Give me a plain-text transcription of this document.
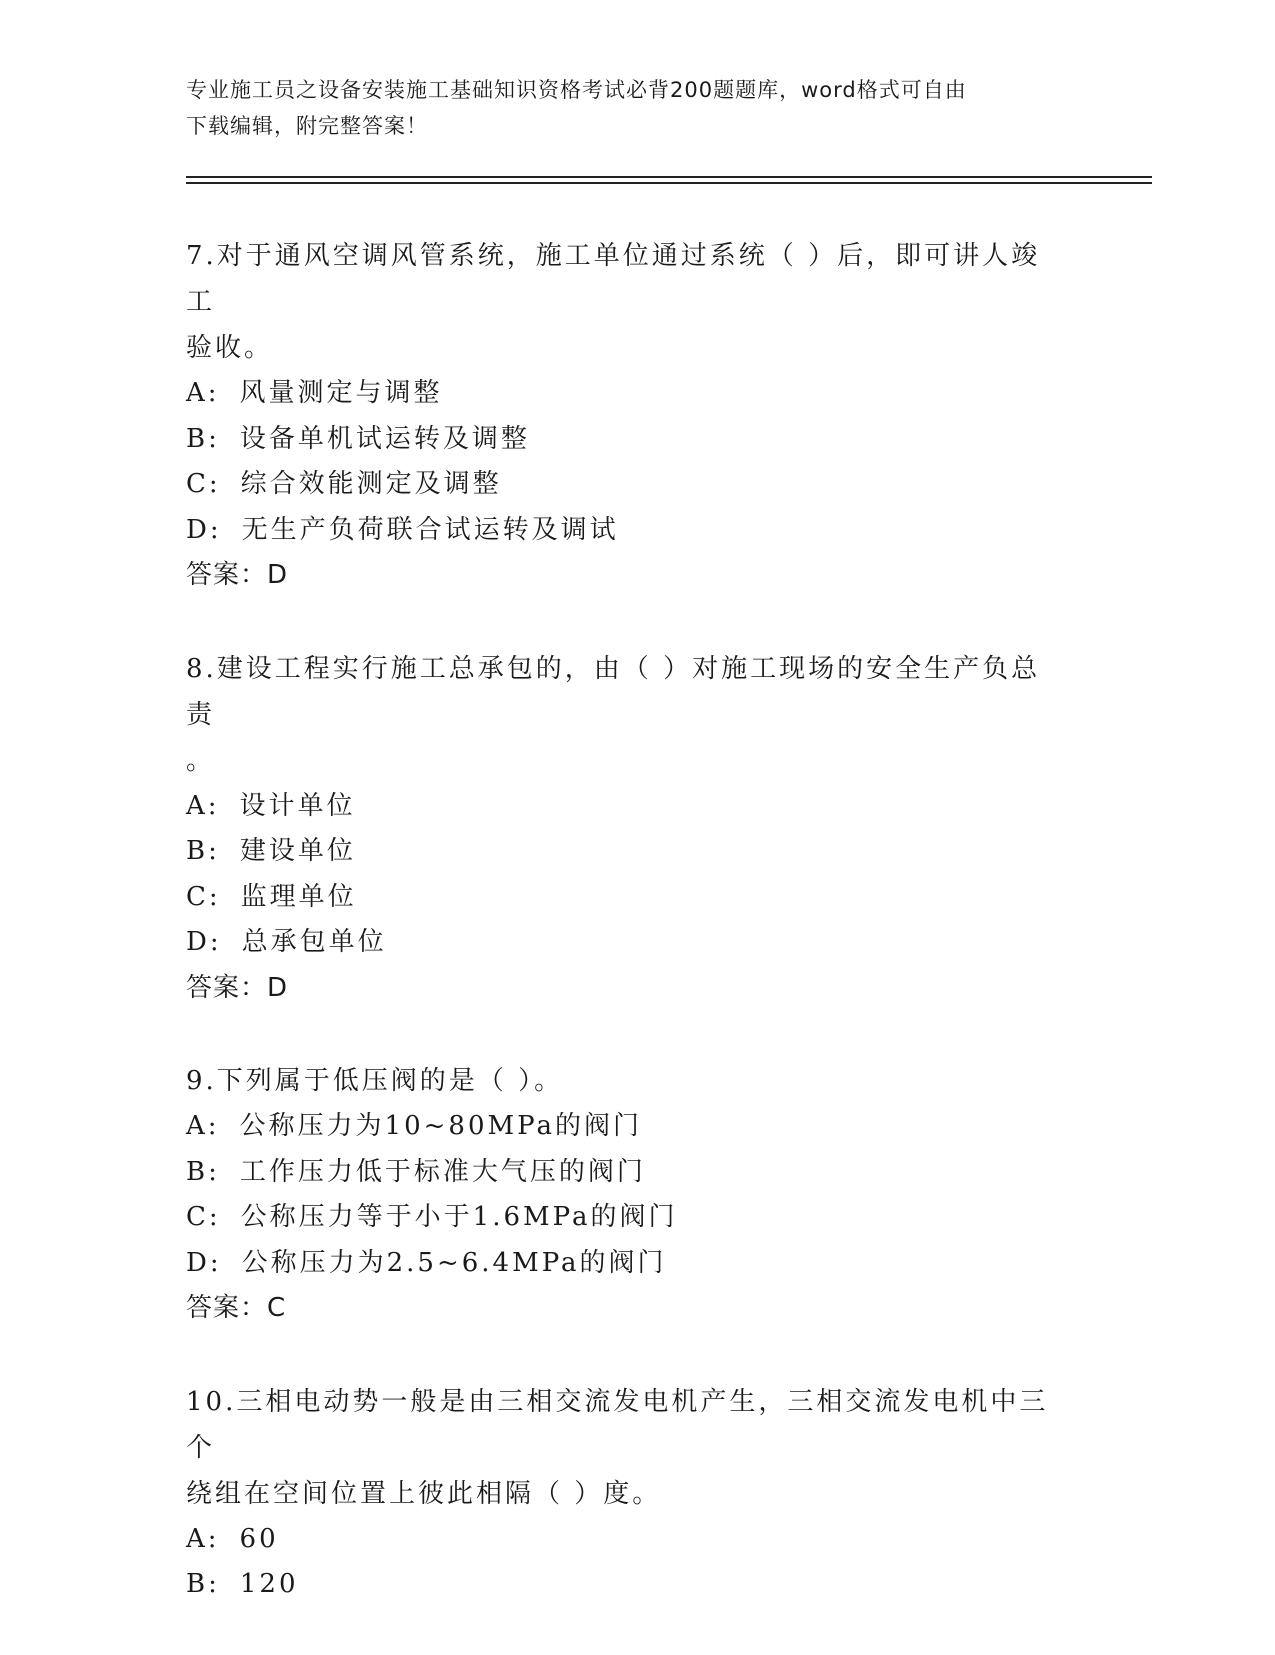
专业施工员之设备安装施工基础知识资格考试必背200题题库，word格式可自由
下载编辑，附完整答案！
7.对于通风空调风管系统，施工单位通过系统（ ）后，即可讲人竣工
验收。
A: 风量测定与调整
B: 设备单机试运转及调整
C: 综合效能测定及调整
D: 无生产负荷联合试运转及调试
答案：D
8.建设工程实行施工总承包的，由（ ）对施工现场的安全生产负总责
。
A: 设计单位
B: 建设单位
C: 监理单位
D: 总承包单位
答案：D
9.下列属于低压阀的是（ ）。
A: 公称压力为10~80MPa的阀门
B: 工作压力低于标准大气压的阀门
C: 公称压力等于小于1.6MPa的阀门
D: 公称压力为2.5~6.4MPa的阀门
答案：C
10.三相电动势一般是由三相交流发电机产生，三相交流发电机中三个
绕组在空间位置上彼此相隔（ ）度。
A: 60
B: 120
